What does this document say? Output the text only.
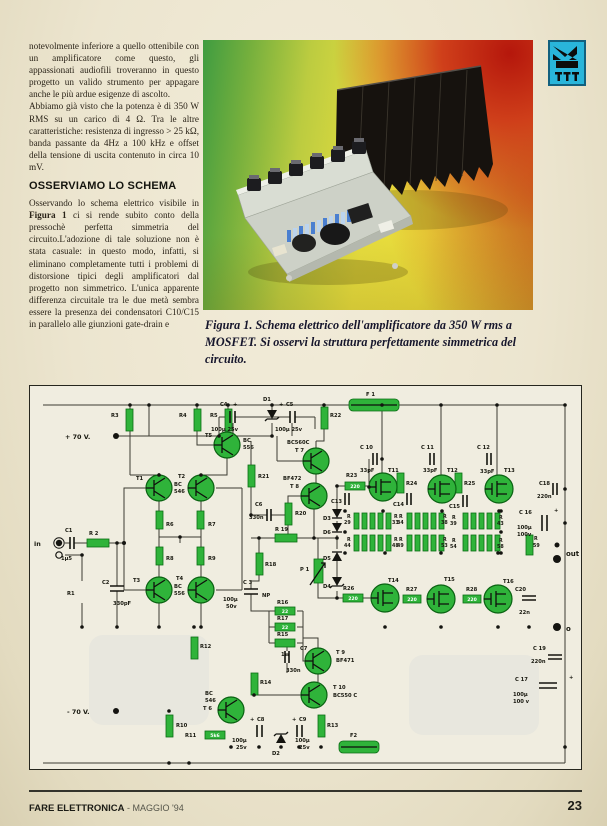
notevolmente inferiore a quello ottenibile con un amplificatore come questo, gli appassionati audiofili troveranno in questo progetto un valido strumento per appagare anche le più ardue esigenze di ascolto.
Abbiamo già visto che la potenza è di 350 W RMS su un carico di 4 Ω. Tra le altre caratteristiche: resistenza di ingresso > 25 kΩ, banda passante da 4Hz a 100 kHz e offset della tensione di uscita contenuto in circa 10 mV.
OSSERVIAMO LO SCHEMA
Osservando lo schema elettrico visibile in Figura 1 ci si rende subito conto della pressochè perfetta simmetria del circuito.L'adozione di tale soluzione non è stata casuale: in questo modo, infatti, si eliminano completamente tutti i problemi di distorsione tipici degli amplificatori dal progetto non simmetrico. L'unica apparente differenza circuitale tra le due metà sembra essere la presenza dei condensatori C10/C15 in parallelo alle giunzioni gate-drain e	Figura 1. Schema elettrico dell'amplificatore da 350 W rms a MOSFET. Si osservi la struttura perfettamente simmetrica del circuito.
R3	R4	R5
+ 70 V.
C4 +
D1
+ C5
100µ 25v	100µ 25v
F 1
R22
T5
BC
556
BC560C
T 7
BF472
T 8
C 10
33pF
C 11
33pF
C 12
33pF
T1	T2
BC
546
R6	R7
R8	R9
in
C1
1µ5
R 2
R1
C2
330pF
T3	T4
BC
556
R21
C6
330n
R20
R 19
R23
C13
T11
R24
C14
T12
R25
C15
T13
C18
220n
D3
D6
D5
D4
P 1
R26
R18
C 3
100µ
50v
NP
R16
R17
R15
1w
C7
330n
T 9
BF471
T 10
BC550 C
R14
R12
- 70 V.
R10
BC
546
T 6
R11
+ C8
100µ
25v
D2
+ C9
100µ
25v
R13
F2
R
29
R
33
R
34
R
38
R
39
R
43
R
44
R
48
R
49
R
53
R
54
R
58
R
59
T14
R27
T15
R28
T16
C20
22n
out
o
C 16	+
100µ
100v
C 19
220n
C 17	+
100µ
100 v
220
220	220	220
22
22
5k6
FARE ELETTRONICA - MAGGIO '94	23
